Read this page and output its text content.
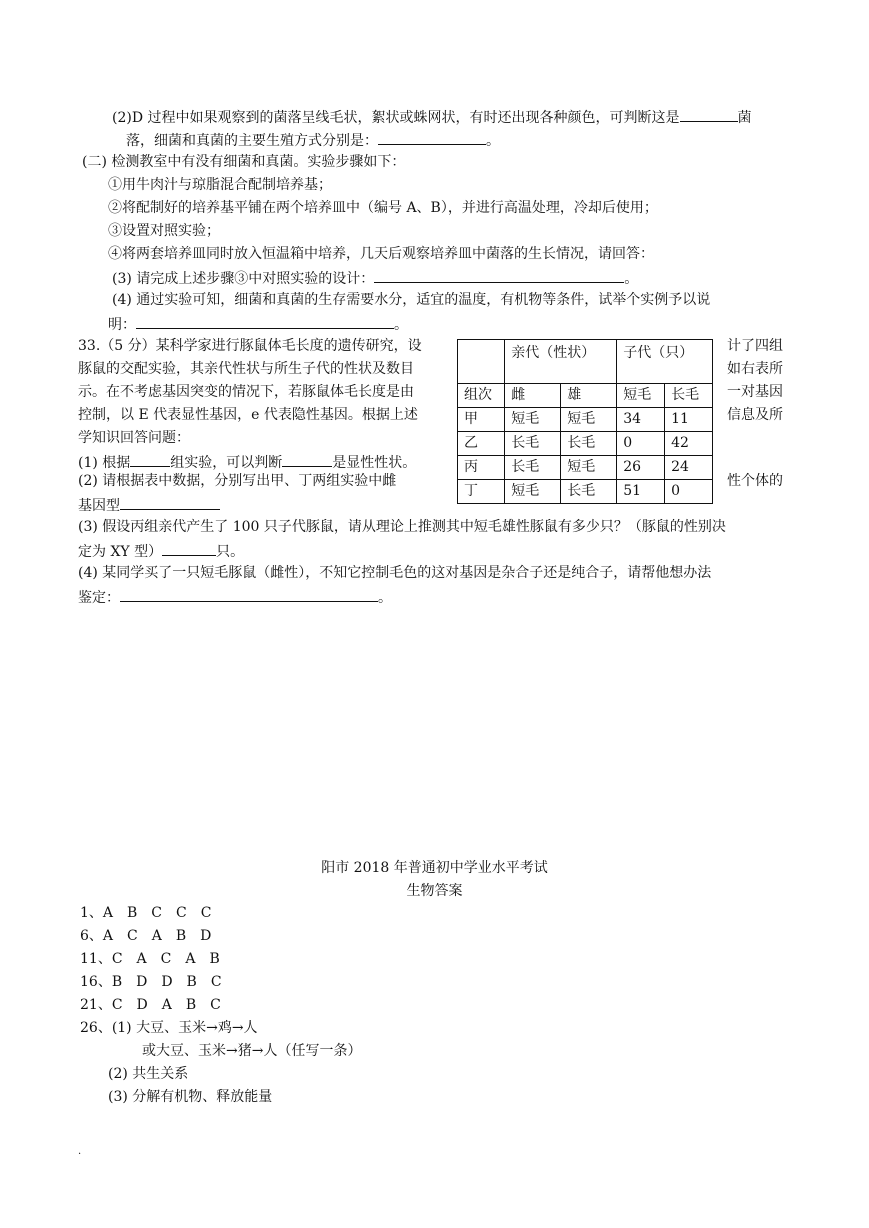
(2)D 过程中如果观察到的菌落呈线毛状，絮状或蛛网状，有时还出现各种颜色，可判断这是	菌
落，细菌和真菌的主要生殖方式分别是：	。
(二) 检测教室中有没有细菌和真菌。实验步骤如下：
①用牛肉汁与琼脂混合配制培养基；
②将配制好的培养基平铺在两个培养皿中（编号 A、B），并进行高温处理，冷却后使用；
③设置对照实验；
④将两套培养皿同时放入恒温箱中培养，几天后观察培养皿中菌落的生长情况，请回答：
(3) 请完成上述步骤③中对照实验的设计：	。
(4) 通过实验可知，细菌和真菌的生存需要水分，适宜的温度，有机物等条件，试举个实例予以说
明：	。
33.（5 分）某科学家进行豚鼠体毛长度的遗传研究，设
豚鼠的交配实验，其亲代性状与所生子代的性状及数目
示。在不考虑基因突变的情况下，若豚鼠体毛长度是由
控制，以 E 代表显性基因，e 代表隐性基因。根据上述
学知识回答问题：
计了四组
如右表所
一对基因
信息及所
性个体的
(1) 根据	组实验，可以判断	是显性性状。
(2) 请根据表中数据，分别写出甲、丁两组实验中雌
基因型
(3) 假设丙组亲代产生了 100 只子代豚鼠，请从理论上推测其中短毛雄性豚鼠有多少只？（豚鼠的性别决
定为 XY 型）	只。
(4) 某同学买了一只短毛豚鼠（雌性），不知它控制毛色的这对基因是杂合子还是纯合子，请帮他想办法
鉴定：	。
	亲代（性状）		子代（只）	
组次	雌	雄	短毛	长毛
甲	短毛	短毛	34	11
乙	长毛	长毛	0	42
丙	长毛	短毛	26	24
丁	短毛	长毛	51	0
阳市 2018 年普通初中学业水平考试
生物答案
1、A　B　C　C　C
6、A　C　A　B　D
11、C　A　C　A　B
16、B　D　D　B　C
21、C　D　A　B　C
26、(1) 大豆、玉米→鸡→人
或大豆、玉米→猪→人（任写一条）
(2) 共生关系
(3) 分解有机物、释放能量
.
